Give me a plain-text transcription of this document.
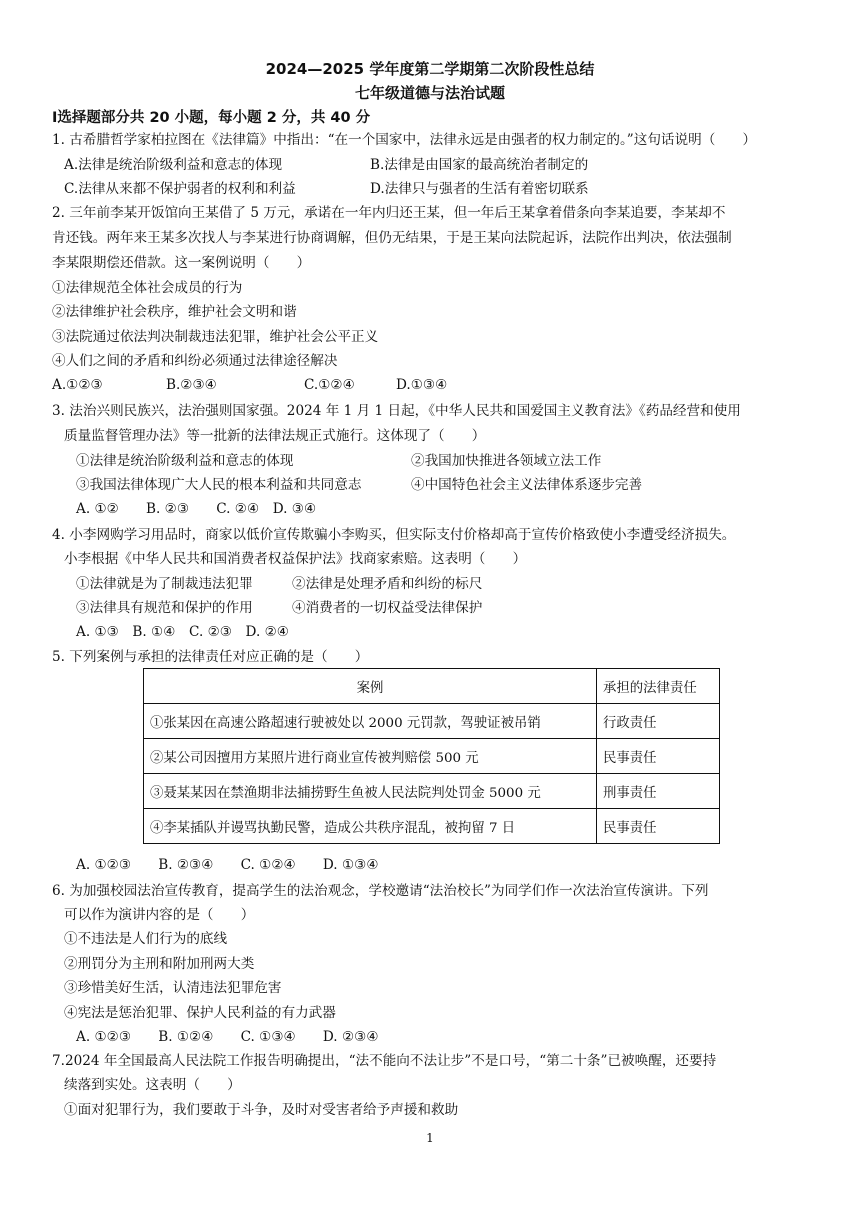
2024—2025 学年度第二学期第二次阶段性总结
七年级道德与法治试题
Ⅰ选择题部分共 20 小题，每小题 2 分，共 40 分
1. 古希腊哲学家柏拉图在《法律篇》中指出：“在一个国家中，法律永远是由强者的权力制定的。”这句话说明（　　）
A.法律是统治阶级利益和意志的体现	B.法律是由国家的最高统治者制定的
C.法律从来都不保护弱者的权利和利益	D.法律只与强者的生活有着密切联系
2. 三年前李某开饭馆向王某借了 5 万元，承诺在一年内归还王某，但一年后王某拿着借条向李某追要，李某却不
肯还钱。两年来王某多次找人与李某进行协商调解，但仍无结果，于是王某向法院起诉，法院作出判决，依法强制
李某限期偿还借款。这一案例说明（　　）
①法律规范全体社会成员的行为
②法律维护社会秩序，维护社会文明和谐
③法院通过依法判决制裁违法犯罪，维护社会公平正义
④人们之间的矛盾和纠纷必须通过法律途径解决
A.①②③	B.②③④	C.①②④	D.①③④
3. 法治兴则民族兴，法治强则国家强。2024 年 1 月 1 日起，《中华人民共和国爱国主义教育法》《药品经营和使用
质量监督管理办法》等一批新的法律法规正式施行。这体现了（　　）
①法律是统治阶级利益和意志的体现	②我国加快推进各领域立法工作
③我国法律体现广大人民的根本利益和共同意志	④中国特色社会主义法律体系逐步完善
A. ①②　　B. ②③　　C. ②④　D. ③④
4. 小李网购学习用品时，商家以低价宣传欺骗小李购买，但实际支付价格却高于宣传价格致使小李遭受经济损失。
小李根据《中华人民共和国消费者权益保护法》找商家索赔。这表明（　　）
①法律就是为了制裁违法犯罪	②法律是处理矛盾和纠纷的标尺
③法律具有规范和保护的作用	④消费者的一切权益受法律保护
A. ①③　B. ①④　C. ②③　D. ②④
5. 下列案例与承担的法律责任对应正确的是（　　）
案例	承担的法律责任
①张某因在高速公路超速行驶被处以 2000 元罚款，驾驶证被吊销	行政责任
②某公司因擅用方某照片进行商业宣传被判赔偿 500 元	民事责任
③聂某某因在禁渔期非法捕捞野生鱼被人民法院判处罚金 5000 元	刑事责任
④李某插队并谩骂执勤民警，造成公共秩序混乱，被拘留 7 日	民事责任
A. ①②③　　B. ②③④　　C. ①②④　　D. ①③④
6. 为加强校园法治宣传教育，提高学生的法治观念，学校邀请“法治校长”为同学们作一次法治宣传演讲。下列
可以作为演讲内容的是（　　）
①不违法是人们行为的底线
②刑罚分为主刑和附加刑两大类
③珍惜美好生活，认清违法犯罪危害
④宪法是惩治犯罪、保护人民利益的有力武器
A. ①②③　　B. ①②④　　C. ①③④　　D. ②③④
7.2024 年全国最高人民法院工作报告明确提出，“法不能向不法让步”不是口号，“第二十条”已被唤醒，还要持
续落到实处。这表明（　　）
①面对犯罪行为，我们要敢于斗争，及时对受害者给予声援和救助
1
